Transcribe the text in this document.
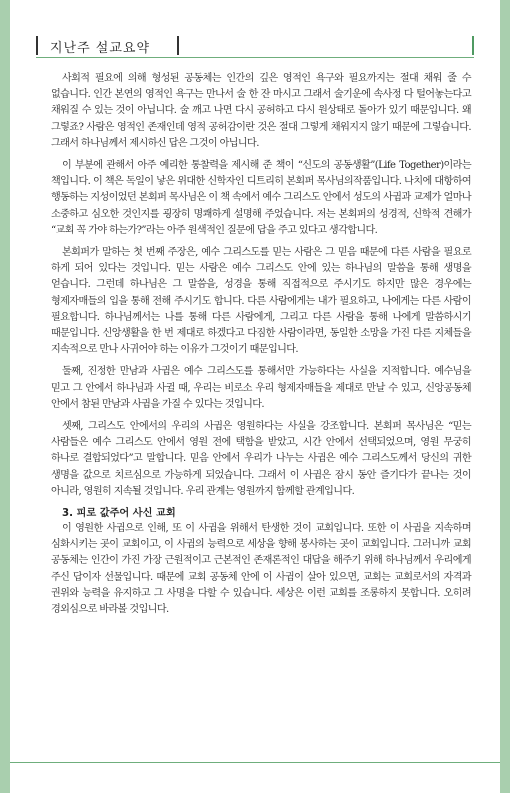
지난주 설교요약

사회적 필요에 의해 형성된 공동체는 인간의 깊은 영적인 욕구와 필요까지는 절대 채워 줄 수 없습니다. 인간 본연의 영적인 욕구는 만나서 술 한 잔 마시고 그래서 술기운에 속사정 다 털어놓는다고 채워질 수 있는 것이 아닙니다. 술 깨고 나면 다시 공허하고 다시 원상태로 돌아가 있기 때문입니다. 왜 그렇죠? 사람은 영적인 존재인데 영적 공허감이란 것은 절대 그렇게 채워지지 않기 때문에 그렇습니다. 그래서 하나님께서 제시하신 답은 그것이 아닙니다.

이 부분에 관해서 아주 예리한 통찰력을 제시해 준 책이 “신도의 공동생활”(Life Together)이라는 책입니다. 이 책은 독일이 낳은 위대한 신학자인 디트리히 본회퍼 목사님의작품입니다. 나치에 대항하여 행동하는 지성이었던 본회퍼 목사님은 이 책 속에서 예수 그리스도 안에서 성도의 사귐과 교제가 얼마나 소중하고 심오한 것인지를 굉장히 명쾌하게 설명해 주었습니다. 저는 본회퍼의 성경적, 신학적 견해가 “교회 꼭 가야 하는가?”라는 아주 원색적인 질문에 답을 주고 있다고 생각합니다.

본회퍼가 말하는 첫 번째 주장은, 예수 그리스도를 믿는 사람은 그 믿음 때문에 다른 사람을 필요로 하게 되어 있다는 것입니다. 믿는 사람은 예수 그리스도 안에 있는 하나님의 말씀을 통해 생명을 얻습니다. 그런데 하나님은 그 말씀을, 성경을 통해 직접적으로 주시기도 하지만 많은 경우에는 형제자매들의 입을 통해 전해 주시기도 합니다. 다른 사람에게는 내가 필요하고, 나에게는 다른 사람이 필요합니다. 하나님께서는 나를 통해 다른 사람에게, 그리고 다른 사람을 통해 나에게 말씀하시기 때문입니다. 신앙생활을 한 번 제대로 하겠다고 다짐한 사람이라면, 동일한 소망을 가진 다른 지체들을 지속적으로 만나 사귀어야 하는 이유가 그것이기 때문입니다.

둘째, 진정한 만남과 사귐은 예수 그리스도를 통해서만 가능하다는 사실을 지적합니다. 예수님을 믿고 그 안에서 하나님과 사귈 때, 우리는 비로소 우리 형제자매들을 제대로 만날 수 있고, 신앙공동체 안에서 참된 만남과 사귐을 가질 수 있다는 것입니다.

셋째, 그리스도 안에서의 우리의 사귐은 영원하다는 사실을 강조합니다. 본회퍼 목사님은 “믿는 사람들은 예수 그리스도 안에서 영원 전에 택함을 받았고, 시간 안에서 선택되었으며, 영원 무궁히 하나로 결합되었다”고 말합니다. 믿음 안에서 우리가 나누는 사귐은 예수 그리스도께서 당신의 귀한 생명을 값으로 치르심으로 가능하게 되었습니다. 그래서 이 사귐은 잠시 동안 즐기다가 끝나는 것이 아니라, 영원히 지속될 것입니다. 우리 관계는 영원까지 함께할 관계입니다.

3. 피로 값주어 사신 교회

이 영원한 사귐으로 인해, 또 이 사귐을 위해서 탄생한 것이 교회입니다. 또한 이 사귐을 지속하며 심화시키는 곳이 교회이고, 이 사귐의 능력으로 세상을 향해 봉사하는 곳이 교회입니다. 그러니까 교회 공동체는 인간이 가진 가장 근원적이고 근본적인 존재론적인 대답을 해주기 위해 하나님께서 우리에게 주신 답이자 선물입니다. 때문에 교회 공동체 안에 이 사귐이 살아 있으면, 교회는 교회로서의 자격과 권위와 능력을 유지하고 그 사명을 다할 수 있습니다. 세상은 이런 교회를 조롱하지 못합니다. 오히려 경외심으로 바라볼 것입니다.
